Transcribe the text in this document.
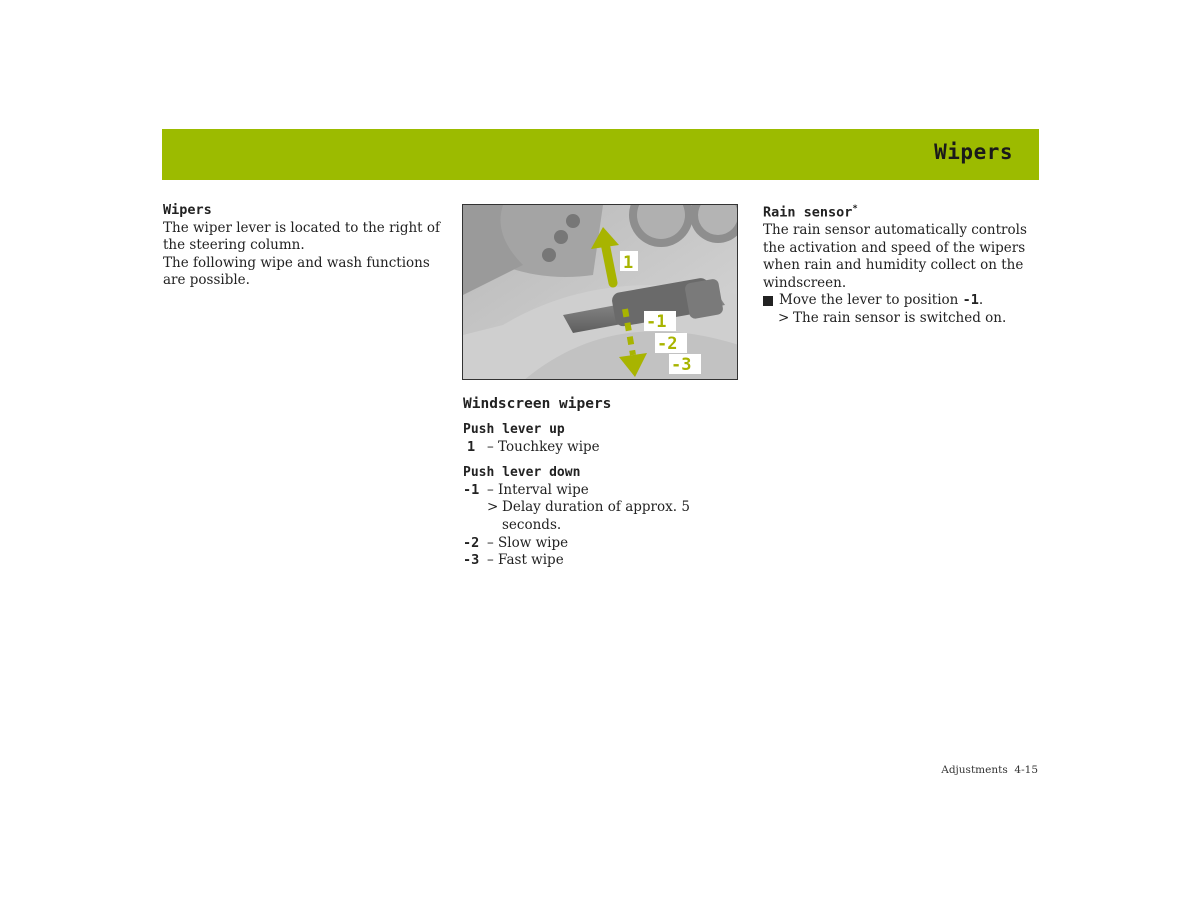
Wipers
Wipers

The wiper lever is located to the right of the steering column.

The following wipe and wash functions are possible.

1
-1
-2
-3
Windscreen wipers
Push lever up
1 – Touchkey wipe
Push lever down
-1 – Interval wipe
> Delay duration of approx. 5 seconds.
-2 – Slow wipe
-3 – Fast wipe
Rain sensor*

The rain sensor automatically controls the activation and speed of the wipers when rain and humidity collect on the windscreen.

Move the lever to position -1.
> The rain sensor is switched on.
Adjustments 4-15
